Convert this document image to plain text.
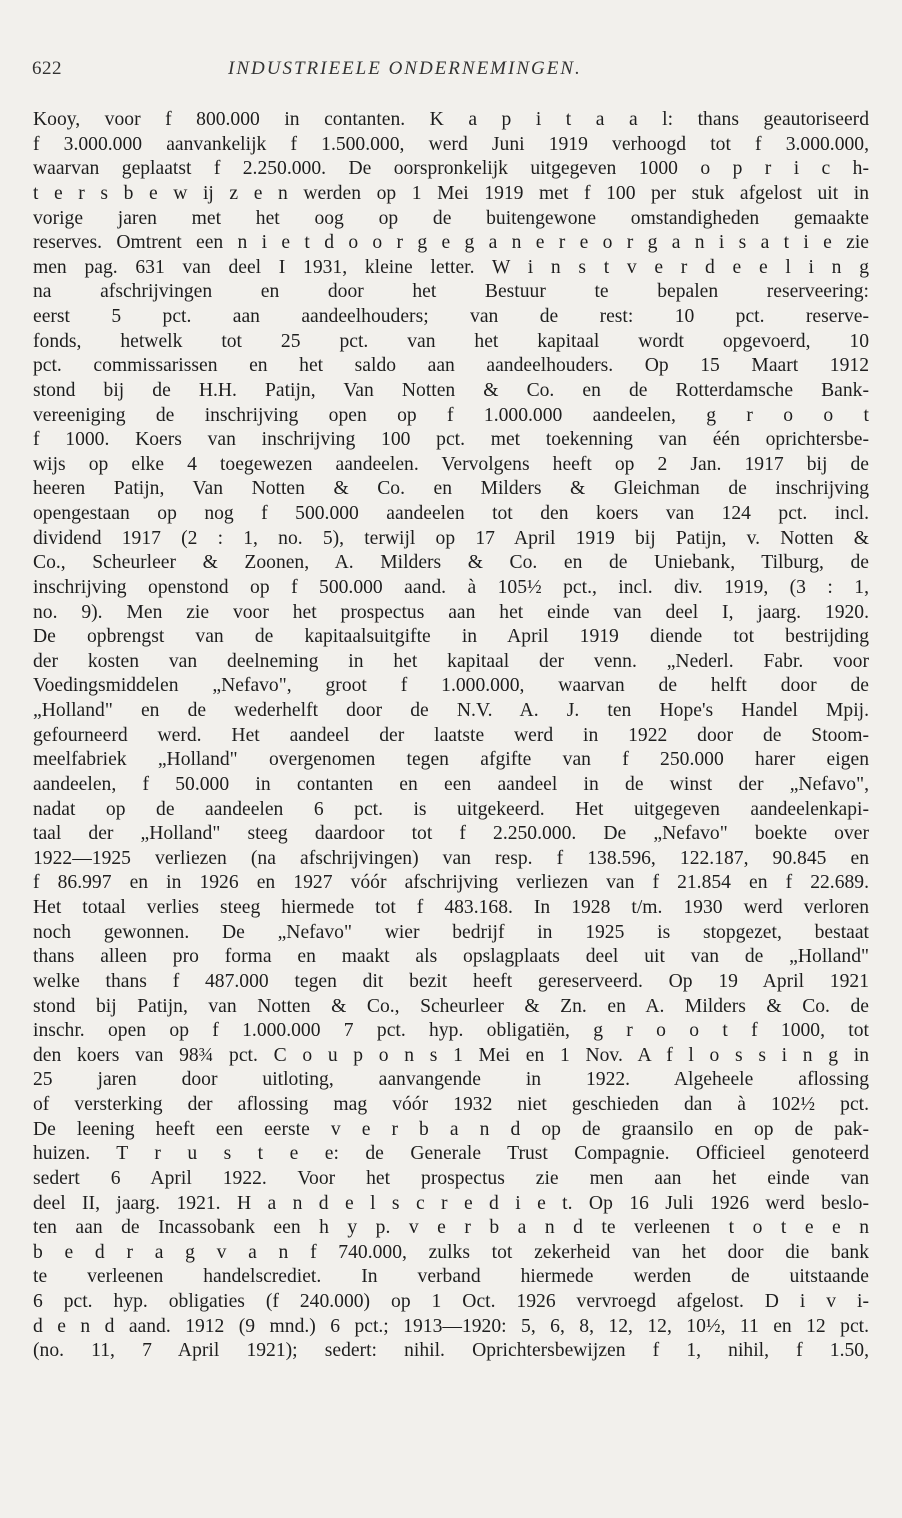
622	INDUSTRIEELE ONDERNEMINGEN.
Kooy, voor f 800.000 in contanten. K a p i t a a l: thans geautoriseerd
f 3.000.000 aanvankelijk f 1.500.000, werd Juni 1919 verhoogd tot f 3.000.000,
waarvan geplaatst f 2.250.000. De oorspronkelijk uitgegeven 1000 o p r i c h-
t e r s b e w ij z e n werden op 1 Mei 1919 met f 100 per stuk afgelost uit in
vorige jaren met het oog op de buitengewone omstandigheden gemaakte
reserves. Omtrent een n i e t d o o r g e g a n e r e o r g a n i s a t i e zie
men pag. 631 van deel I 1931, kleine letter. W i n s t v e r d e e l i n g
na afschrijvingen en door het Bestuur te bepalen reserveering:
eerst 5 pct. aan aandeelhouders; van de rest: 10 pct. reserve-
fonds, hetwelk tot 25 pct. van het kapitaal wordt opgevoerd, 10
pct. commissarissen en het saldo aan aandeelhouders. Op 15 Maart 1912
stond bij de H.H. Patijn, Van Notten & Co. en de Rotterdamsche Bank-
vereeniging de inschrijving open op f 1.000.000 aandeelen, g r o o t
f 1000. Koers van inschrijving 100 pct. met toekenning van één oprichtersbe-
wijs op elke 4 toegewezen aandeelen. Vervolgens heeft op 2 Jan. 1917 bij de
heeren Patijn, Van Notten & Co. en Milders & Gleichman de inschrijving
opengestaan op nog f 500.000 aandeelen tot den koers van 124 pct. incl.
dividend 1917 (2 : 1, no. 5), terwijl op 17 April 1919 bij Patijn, v. Notten &
Co., Scheurleer & Zoonen, A. Milders & Co. en de Uniebank, Tilburg, de
inschrijving openstond op f 500.000 aand. à 105½ pct., incl. div. 1919, (3 : 1,
no. 9). Men zie voor het prospectus aan het einde van deel I, jaarg. 1920.
De opbrengst van de kapitaalsuitgifte in April 1919 diende tot bestrijding
der kosten van deelneming in het kapitaal der venn. „Nederl. Fabr. voor
Voedingsmiddelen „Nefavo", groot f 1.000.000, waarvan de helft door de
„Holland" en de wederhelft door de N.V. A. J. ten Hope's Handel Mpij.
gefourneerd werd. Het aandeel der laatste werd in 1922 door de Stoom-
meelfabriek „Holland" overgenomen tegen afgifte van f 250.000 harer eigen
aandeelen, f 50.000 in contanten en een aandeel in de winst der „Nefavo",
nadat op de aandeelen 6 pct. is uitgekeerd. Het uitgegeven aandeelenkapi-
taal der „Holland" steeg daardoor tot f 2.250.000. De „Nefavo" boekte over
1922—1925 verliezen (na afschrijvingen) van resp. f 138.596, 122.187, 90.845 en
f 86.997 en in 1926 en 1927 vóór afschrijving verliezen van f 21.854 en f 22.689.
Het totaal verlies steeg hiermede tot f 483.168. In 1928 t/m. 1930 werd verloren
noch gewonnen. De „Nefavo" wier bedrijf in 1925 is stopgezet, bestaat
thans alleen pro forma en maakt als opslagplaats deel uit van de „Holland"
welke thans f 487.000 tegen dit bezit heeft gereserveerd. Op 19 April 1921
stond bij Patijn, van Notten & Co., Scheurleer & Zn. en A. Milders & Co. de
inschr. open op f 1.000.000 7 pct. hyp. obligatiën, g r o o t f 1000, tot
den koers van 98¾ pct. C o u p o n s 1 Mei en 1 Nov. A f l o s s i n g in
25 jaren door uitloting, aanvangende in 1922. Algeheele aflossing
of versterking der aflossing mag vóór 1932 niet geschieden dan à 102½ pct.
De leening heeft een eerste v e r b a n d op de graansilo en op de pak-
huizen. T r u s t e e: de Generale Trust Compagnie. Officieel genoteerd
sedert 6 April 1922. Voor het prospectus zie men aan het einde van
deel II, jaarg. 1921. H a n d e l s c r e d i e t. Op 16 Juli 1926 werd beslo-
ten aan de Incassobank een h y p. v e r b a n d te verleenen t o t e e n
b e d r a g v a n f 740.000, zulks tot zekerheid van het door die bank
te verleenen handelscrediet. In verband hiermede werden de uitstaande
6 pct. hyp. obligaties (f 240.000) op 1 Oct. 1926 vervroegd afgelost. D i v i-
d e n d aand. 1912 (9 mnd.) 6 pct.; 1913—1920: 5, 6, 8, 12, 12, 10½, 11 en 12 pct.
(no. 11, 7 April 1921); sedert: nihil. Oprichtersbewijzen f 1, nihil, f 1.50,
